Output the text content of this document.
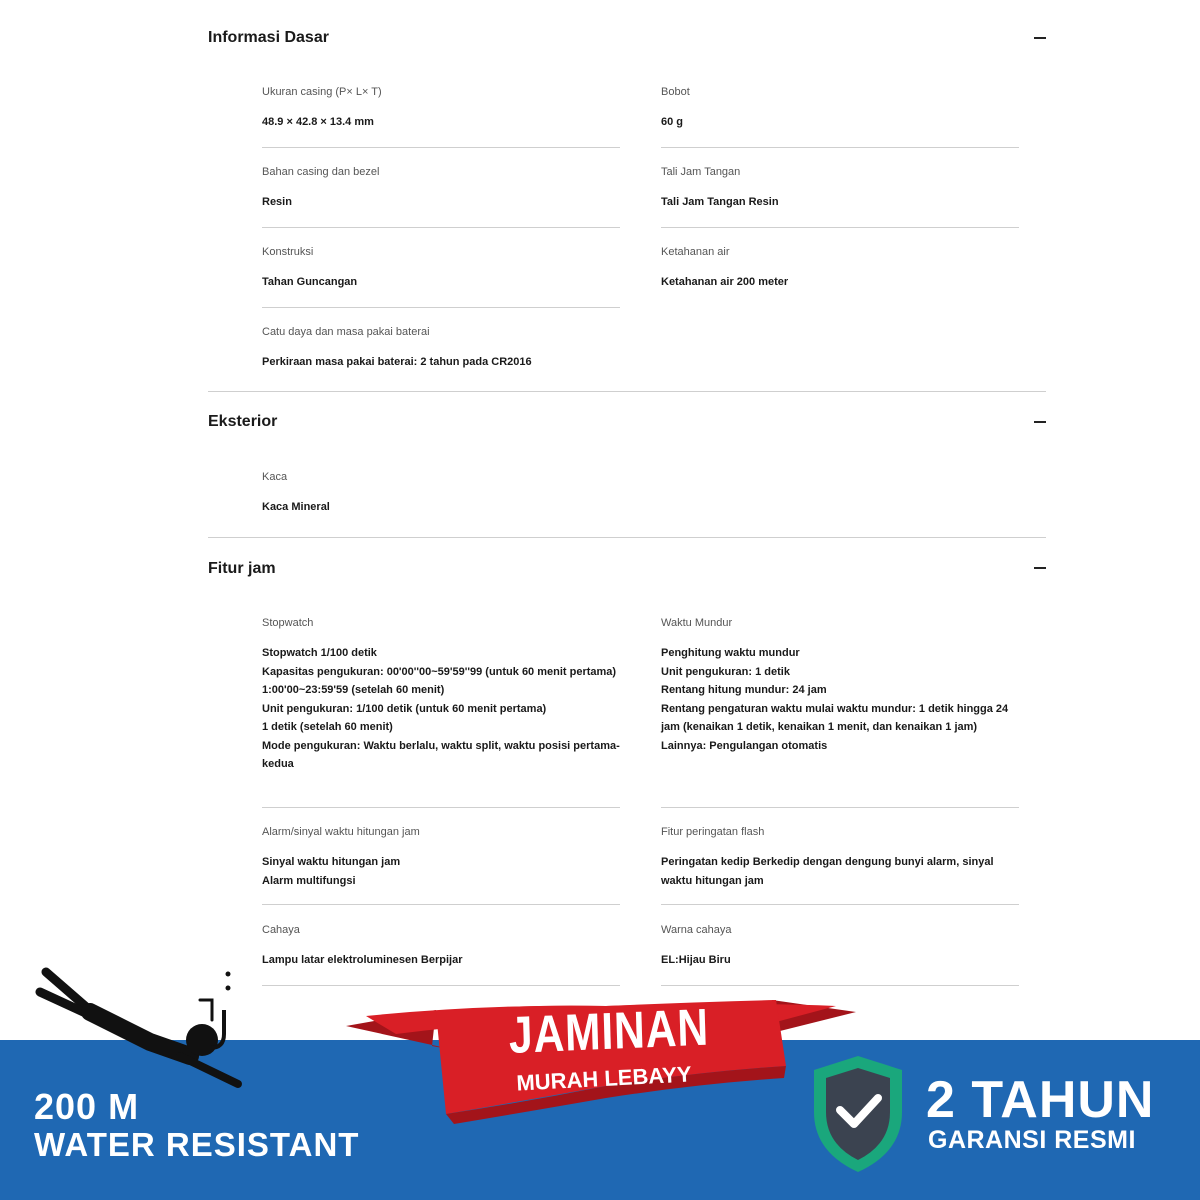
Informasi Dasar
Ukuran casing (P× L× T)
48.9 × 42.8 × 13.4 mm
Bobot
60 g
Bahan casing dan bezel
Resin
Tali Jam Tangan
Tali Jam Tangan Resin
Konstruksi
Tahan Guncangan
Ketahanan air
Ketahanan air 200 meter
Catu daya dan masa pakai baterai
Perkiraan masa pakai baterai: 2 tahun pada CR2016
Eksterior
Kaca
Kaca Mineral
Fitur jam
Stopwatch
Stopwatch 1/100 detik
Kapasitas pengukuran: 00'00''00~59'59''99 (untuk 60 menit pertama)
1:00'00~23:59'59 (setelah 60 menit)
Unit pengukuran: 1/100 detik (untuk 60 menit pertama)
1 detik (setelah 60 menit)
Mode pengukuran: Waktu berlalu, waktu split, waktu posisi pertama-kedua
Waktu Mundur
Penghitung waktu mundur
Unit pengukuran: 1 detik
Rentang hitung mundur: 24 jam
Rentang pengaturan waktu mulai waktu mundur: 1 detik hingga 24 jam (kenaikan 1 detik, kenaikan 1 menit, dan kenaikan 1 jam)
Lainnya: Pengulangan otomatis
Alarm/sinyal waktu hitungan jam
Sinyal waktu hitungan jam
Alarm multifungsi
Fitur peringatan flash
Peringatan kedip Berkedip dengan dengung bunyi alarm, sinyal waktu hitungan jam
Cahaya
Lampu latar elektroluminesen Berpijar
Warna cahaya
EL:Hijau Biru
200 M
WATER RESISTANT
JAMINAN
MURAH LEBAYY	2 TAHUN
GARANSI RESMI
